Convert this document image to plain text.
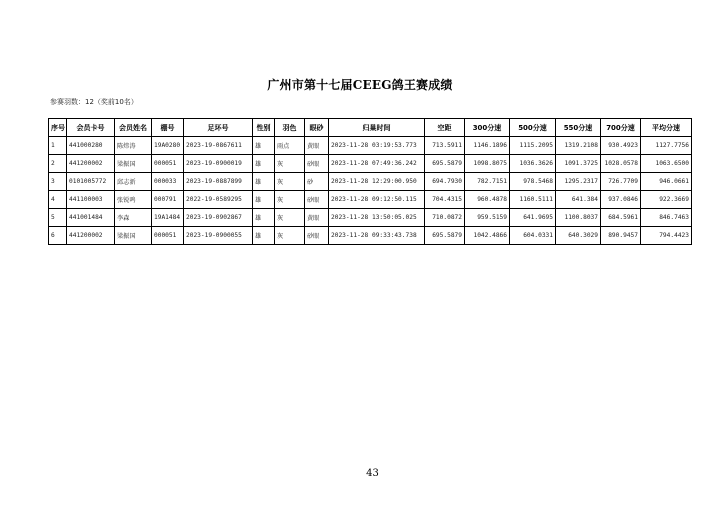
广州市第十七届CEEG鸽王赛成绩
参赛羽数：12（奖前10名）
序号	会员卡号	会员姓名	棚号	足环号	性别	羽色	眼砂	归巢时间	空距	300分速	500分速	550分速	700分速	平均分速
1	441000280	陈炜涛	19A0280	2023-19-0867611	雄	雨点	黄眼	2023-11-28 03:19:53.773	713.5911	1146.1896	1115.2095	1319.2108	930.4923	1127.7756
2	441200002	梁振国	000051	2023-19-0900019	雄	灰	砂眼	2023-11-28 07:49:36.242	695.5879	1098.8075	1036.3626	1091.3725	1028.0578	1063.6500
3	0101005772	邱志新	000033	2023-19-0887899	雄	灰	砂	2023-11-28 12:29:00.950	694.7930	782.7151	978.5468	1295.2317	726.7709	946.0661
4	441100003	张锐鸣	000791	2022-19-0589295	雄	灰	砂眼	2023-11-28 09:12:50.115	704.4315	960.4878	1160.5111	641.384	937.0846	922.3669
5	441001484	李森	19A1484	2023-19-0902867	雄	灰	黄眼	2023-11-28 13:50:05.025	710.0872	959.5159	641.9695	1100.8037	684.5961	846.7463
6	441200002	梁振国	000051	2023-19-0900055	雄	灰	砂眼	2023-11-28 09:33:43.738	695.5879	1042.4866	604.0331	640.3029	890.9457	794.4423
43
